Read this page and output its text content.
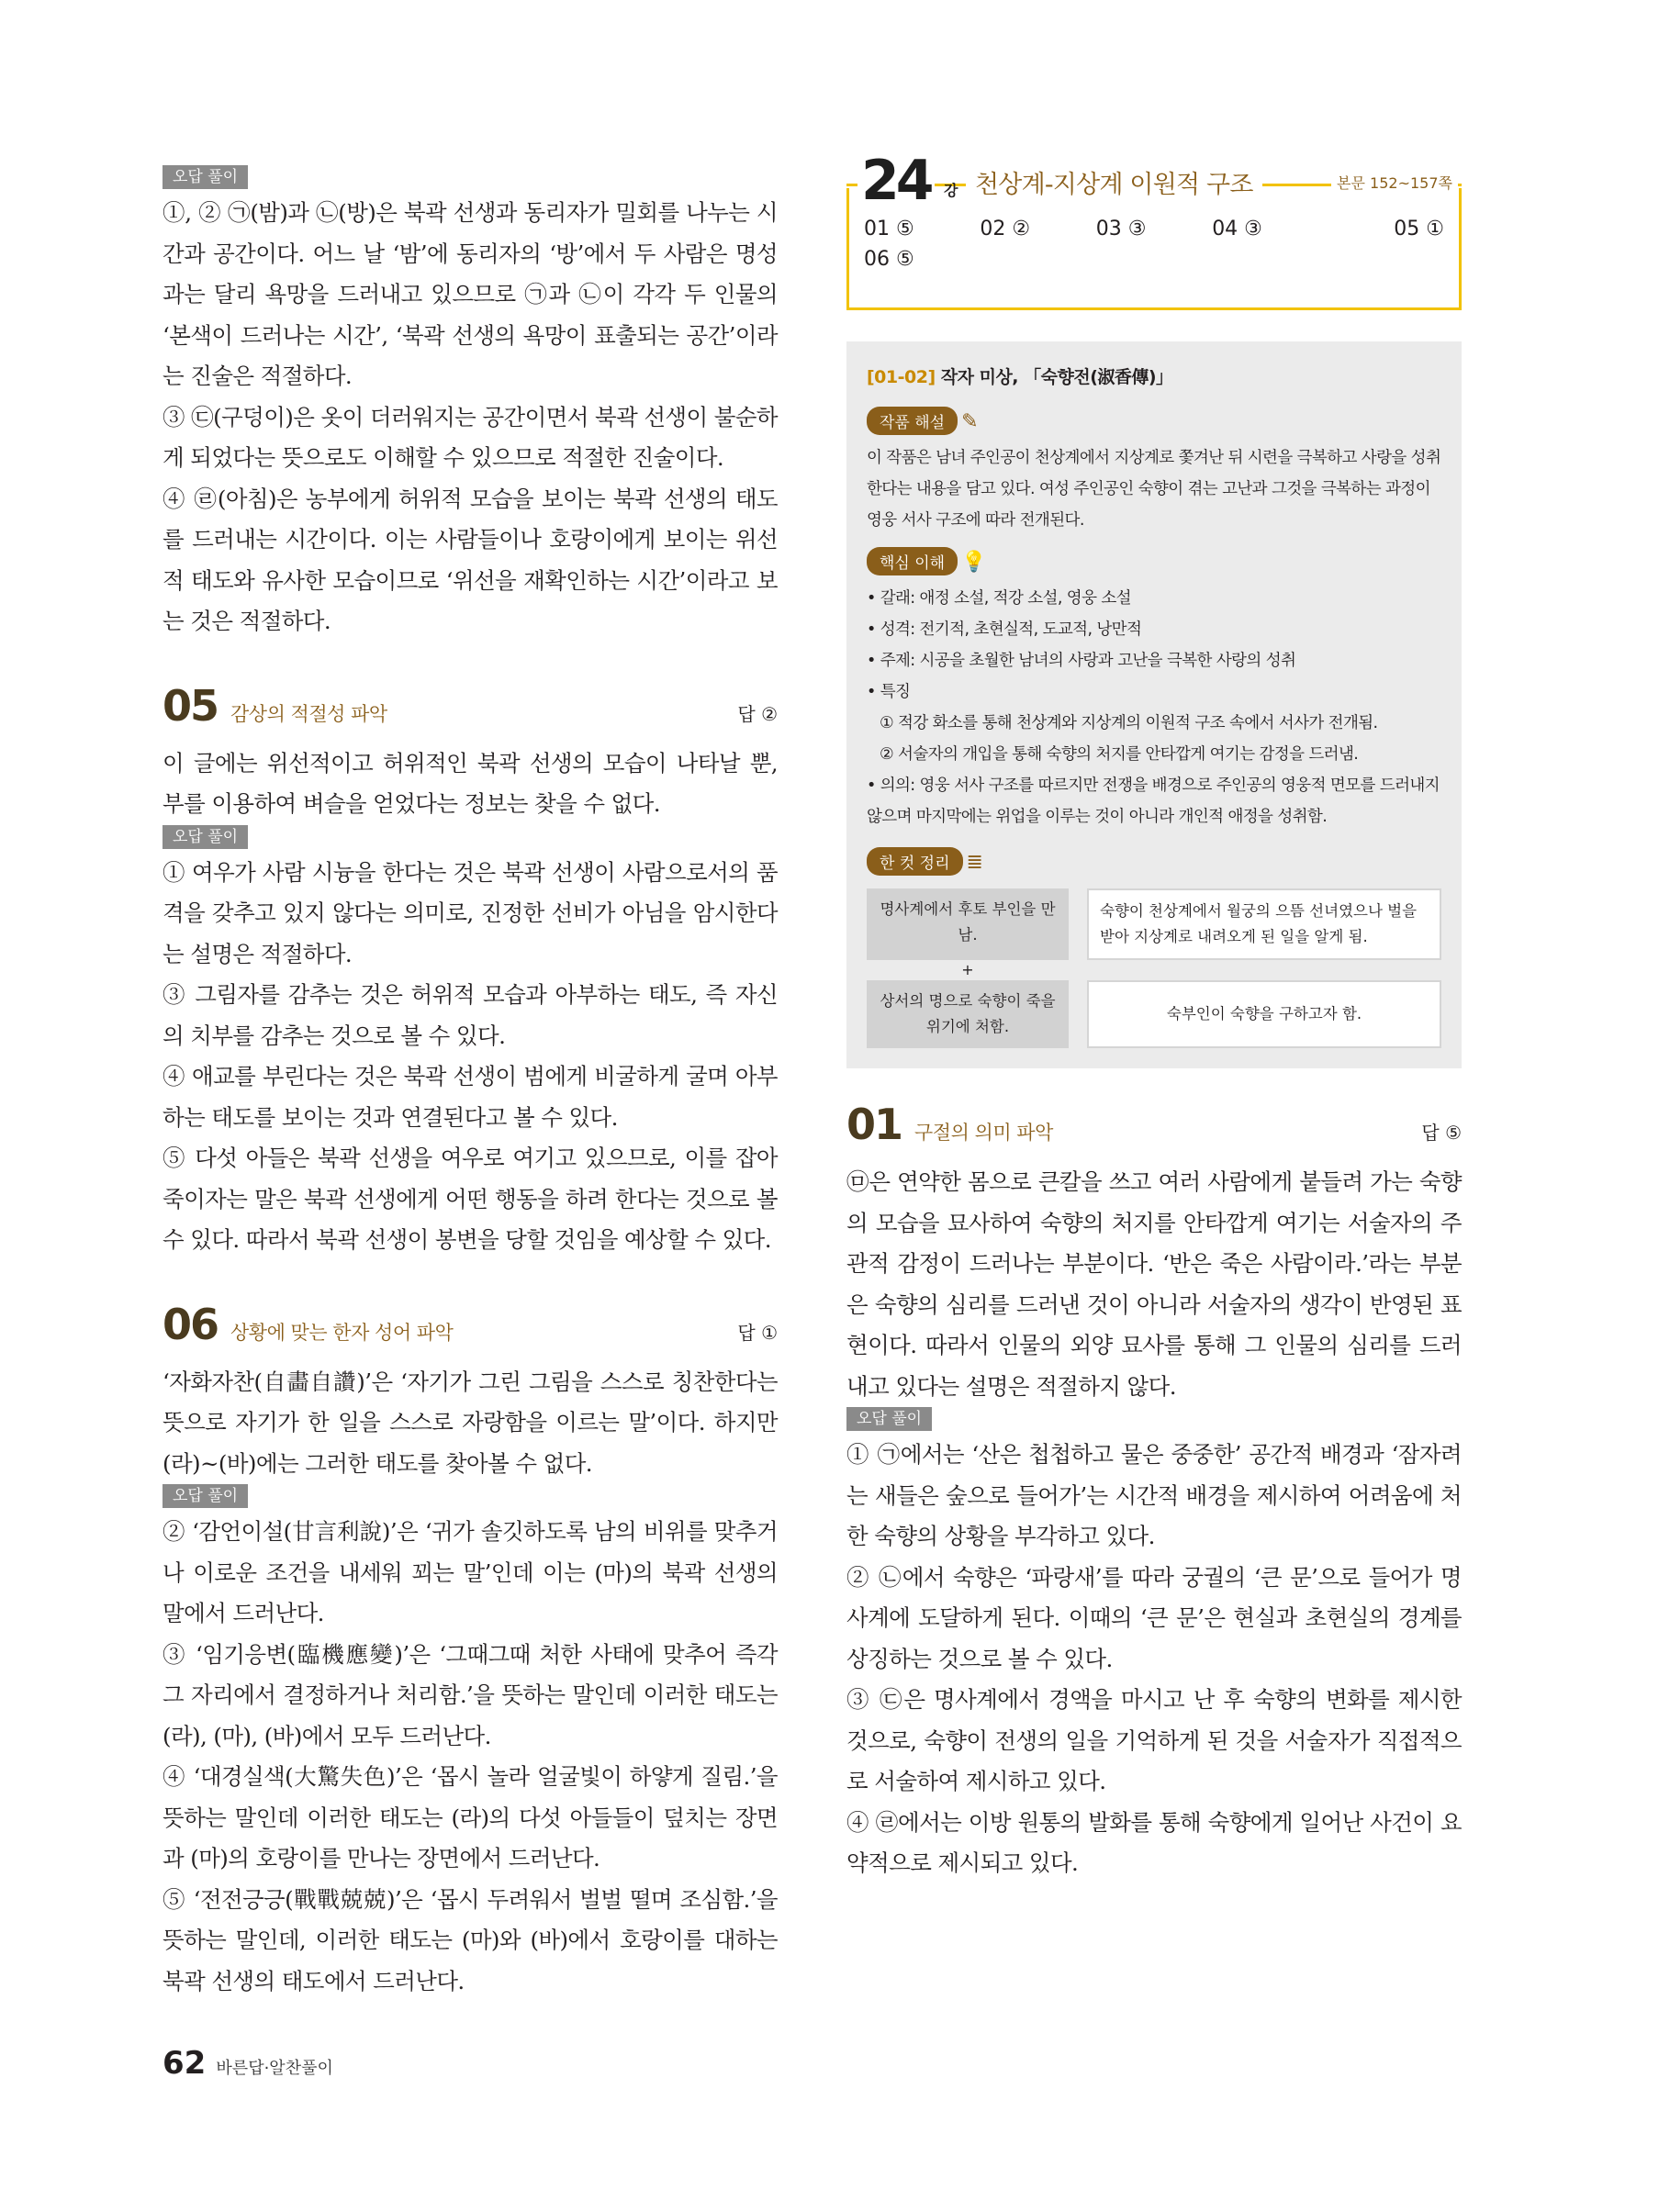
오답 풀이

①, ② ㉠(밤)과 ㉡(방)은 북곽 선생과 동리자가 밀회를 나누는 시간과 공간이다. 어느 날 ‘밤’에 동리자의 ‘방’에서 두 사람은 명성과는 달리 욕망을 드러내고 있으므로 ㉠과 ㉡이 각각 두 인물의 ‘본색이 드러나는 시간’, ‘북곽 선생의 욕망이 표출되는 공간’이라는 진술은 적절하다.

③ ㉢(구덩이)은 옷이 더러워지는 공간이면서 북곽 선생이 불순하게 되었다는 뜻으로도 이해할 수 있으므로 적절한 진술이다.

④ ㉣(아침)은 농부에게 허위적 모습을 보이는 북곽 선생의 태도를 드러내는 시간이다. 이는 사람들이나 호랑이에게 보이는 위선적 태도와 유사한 모습이므로 ‘위선을 재확인하는 시간’이라고 보는 것은 적절하다.

05 감상의 적절성 파악	답 ②

이 글에는 위선적이고 허위적인 북곽 선생의 모습이 나타날 뿐, 부를 이용하여 벼슬을 얻었다는 정보는 찾을 수 없다.

오답 풀이

① 여우가 사람 시늉을 한다는 것은 북곽 선생이 사람으로서의 품격을 갖추고 있지 않다는 의미로, 진정한 선비가 아님을 암시한다는 설명은 적절하다.

③ 그림자를 감추는 것은 허위적 모습과 아부하는 태도, 즉 자신의 치부를 감추는 것으로 볼 수 있다.

④ 애교를 부린다는 것은 북곽 선생이 범에게 비굴하게 굴며 아부하는 태도를 보이는 것과 연결된다고 볼 수 있다.

⑤ 다섯 아들은 북곽 선생을 여우로 여기고 있으므로, 이를 잡아 죽이자는 말은 북곽 선생에게 어떤 행동을 하려 한다는 것으로 볼 수 있다. 따라서 북곽 선생이 봉변을 당할 것임을 예상할 수 있다.

06 상황에 맞는 한자 성어 파악	답 ①

‘자화자찬(自畵自讚)’은 ‘자기가 그린 그림을 스스로 칭찬한다는 뜻으로 자기가 한 일을 스스로 자랑함을 이르는 말’이다. 하지만 (라)~(바)에는 그러한 태도를 찾아볼 수 없다.

오답 풀이

② ‘감언이설(甘言利說)’은 ‘귀가 솔깃하도록 남의 비위를 맞추거나 이로운 조건을 내세워 꾀는 말’인데 이는 (마)의 북곽 선생의 말에서 드러난다.

③ ‘임기응변(臨機應變)’은 ‘그때그때 처한 사태에 맞추어 즉각 그 자리에서 결정하거나 처리함.’을 뜻하는 말인데 이러한 태도는 (라), (마), (바)에서 모두 드러난다.

④ ‘대경실색(大驚失色)’은 ‘몹시 놀라 얼굴빛이 하얗게 질림.’을 뜻하는 말인데 이러한 태도는 (라)의 다섯 아들들이 덮치는 장면과 (마)의 호랑이를 만나는 장면에서 드러난다.

⑤ ‘전전긍긍(戰戰兢兢)’은 ‘몹시 두려워서 벌벌 떨며 조심함.’을 뜻하는 말인데, 이러한 태도는 (마)와 (바)에서 호랑이를 대하는 북곽 선생의 태도에서 드러난다.

24 강 천상계-지상계 이원적 구조	본문 152~157쪽
01 ⑤	02 ②	03 ③	04 ③	05 ①
06 ⑤
[01-02] 작자 미상, 「숙향전(淑香傳)」
작품 해설 ✎

이 작품은 남녀 주인공이 천상계에서 지상계로 쫓겨난 뒤 시련을 극복하고 사랑을 성취한다는 내용을 담고 있다. 여성 주인공인 숙향이 겪는 고난과 그것을 극복하는 과정이 영웅 서사 구조에 따라 전개된다.

핵심 이해 💡
• 갈래: 애정 소설, 적강 소설, 영웅 소설
• 성격: 전기적, 초현실적, 도교적, 낭만적
• 주제: 시공을 초월한 남녀의 사랑과 고난을 극복한 사랑의 성취
• 특징
① 적강 화소를 통해 천상계와 지상계의 이원적 구조 속에서 서사가 전개됨.
② 서술자의 개입을 통해 숙향의 처지를 안타깝게 여기는 감정을 드러냄.
• 의의: 영웅 서사 구조를 따르지만 전쟁을 배경으로 주인공의 영웅적 면모를 드러내지 않으며 마지막에는 위업을 이루는 것이 아니라 개인적 애정을 성취함.
한 컷 정리 ≣
명사계에서 후토 부인을 만남.
숙향이 천상계에서 월궁의 으뜸 선녀였으나 벌을 받아 지상계로 내려오게 된 일을 알게 됨.
+
상서의 명으로 숙향이 죽을 위기에 처함.
숙부인이 숙향을 구하고자 함.
01 구절의 의미 파악	답 ⑤

㉤은 연약한 몸으로 큰칼을 쓰고 여러 사람에게 붙들려 가는 숙향의 모습을 묘사하여 숙향의 처지를 안타깝게 여기는 서술자의 주관적 감정이 드러나는 부분이다. ‘반은 죽은 사람이라.’라는 부분은 숙향의 심리를 드러낸 것이 아니라 서술자의 생각이 반영된 표현이다. 따라서 인물의 외양 묘사를 통해 그 인물의 심리를 드러내고 있다는 설명은 적절하지 않다.

오답 풀이

① ㉠에서는 ‘산은 첩첩하고 물은 중중한’ 공간적 배경과 ‘잠자려는 새들은 숲으로 들어가’는 시간적 배경을 제시하여 어려움에 처한 숙향의 상황을 부각하고 있다.

② ㉡에서 숙향은 ‘파랑새’를 따라 궁궐의 ‘큰 문’으로 들어가 명사계에 도달하게 된다. 이때의 ‘큰 문’은 현실과 초현실의 경계를 상징하는 것으로 볼 수 있다.

③ ㉢은 명사계에서 경액을 마시고 난 후 숙향의 변화를 제시한 것으로, 숙향이 전생의 일을 기억하게 된 것을 서술자가 직접적으로 서술하여 제시하고 있다.

④ ㉣에서는 이방 원통의 발화를 통해 숙향에게 일어난 사건이 요약적으로 제시되고 있다.

62 바른답·알찬풀이
